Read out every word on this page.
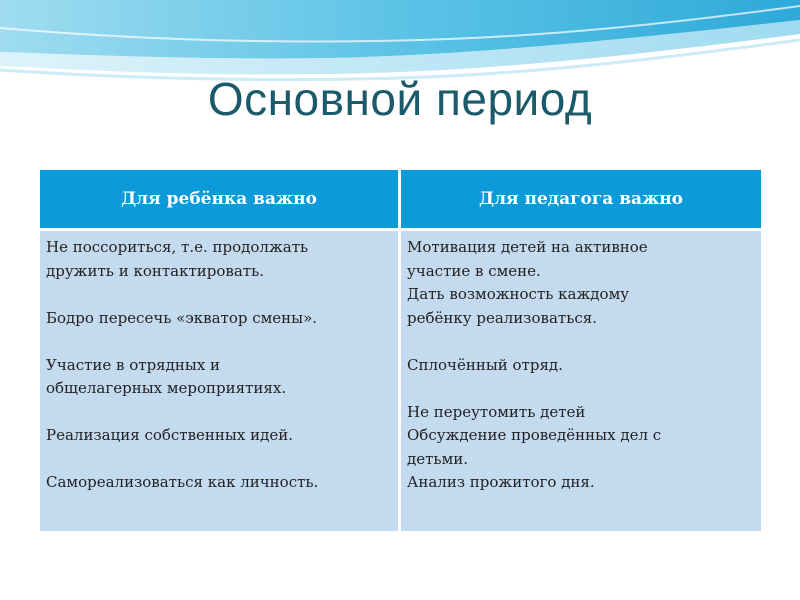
Основной период
Для ребёнка важно	Для педагога важно
Не поссориться, т.е. продолжать
дружить и контактировать.
Бодро пересечь «экватор смены».
Участие в отрядных и
общелагерных мероприятиях.
Реализация собственных идей.
Самореализоваться как личность.
Мотивация детей на активное
участие в смене.
Дать возможность каждому
ребёнку реализоваться.
Сплочённый отряд.
Не переутомить детей
Обсуждение проведённых дел с
детьми.
Анализ прожитого дня.
